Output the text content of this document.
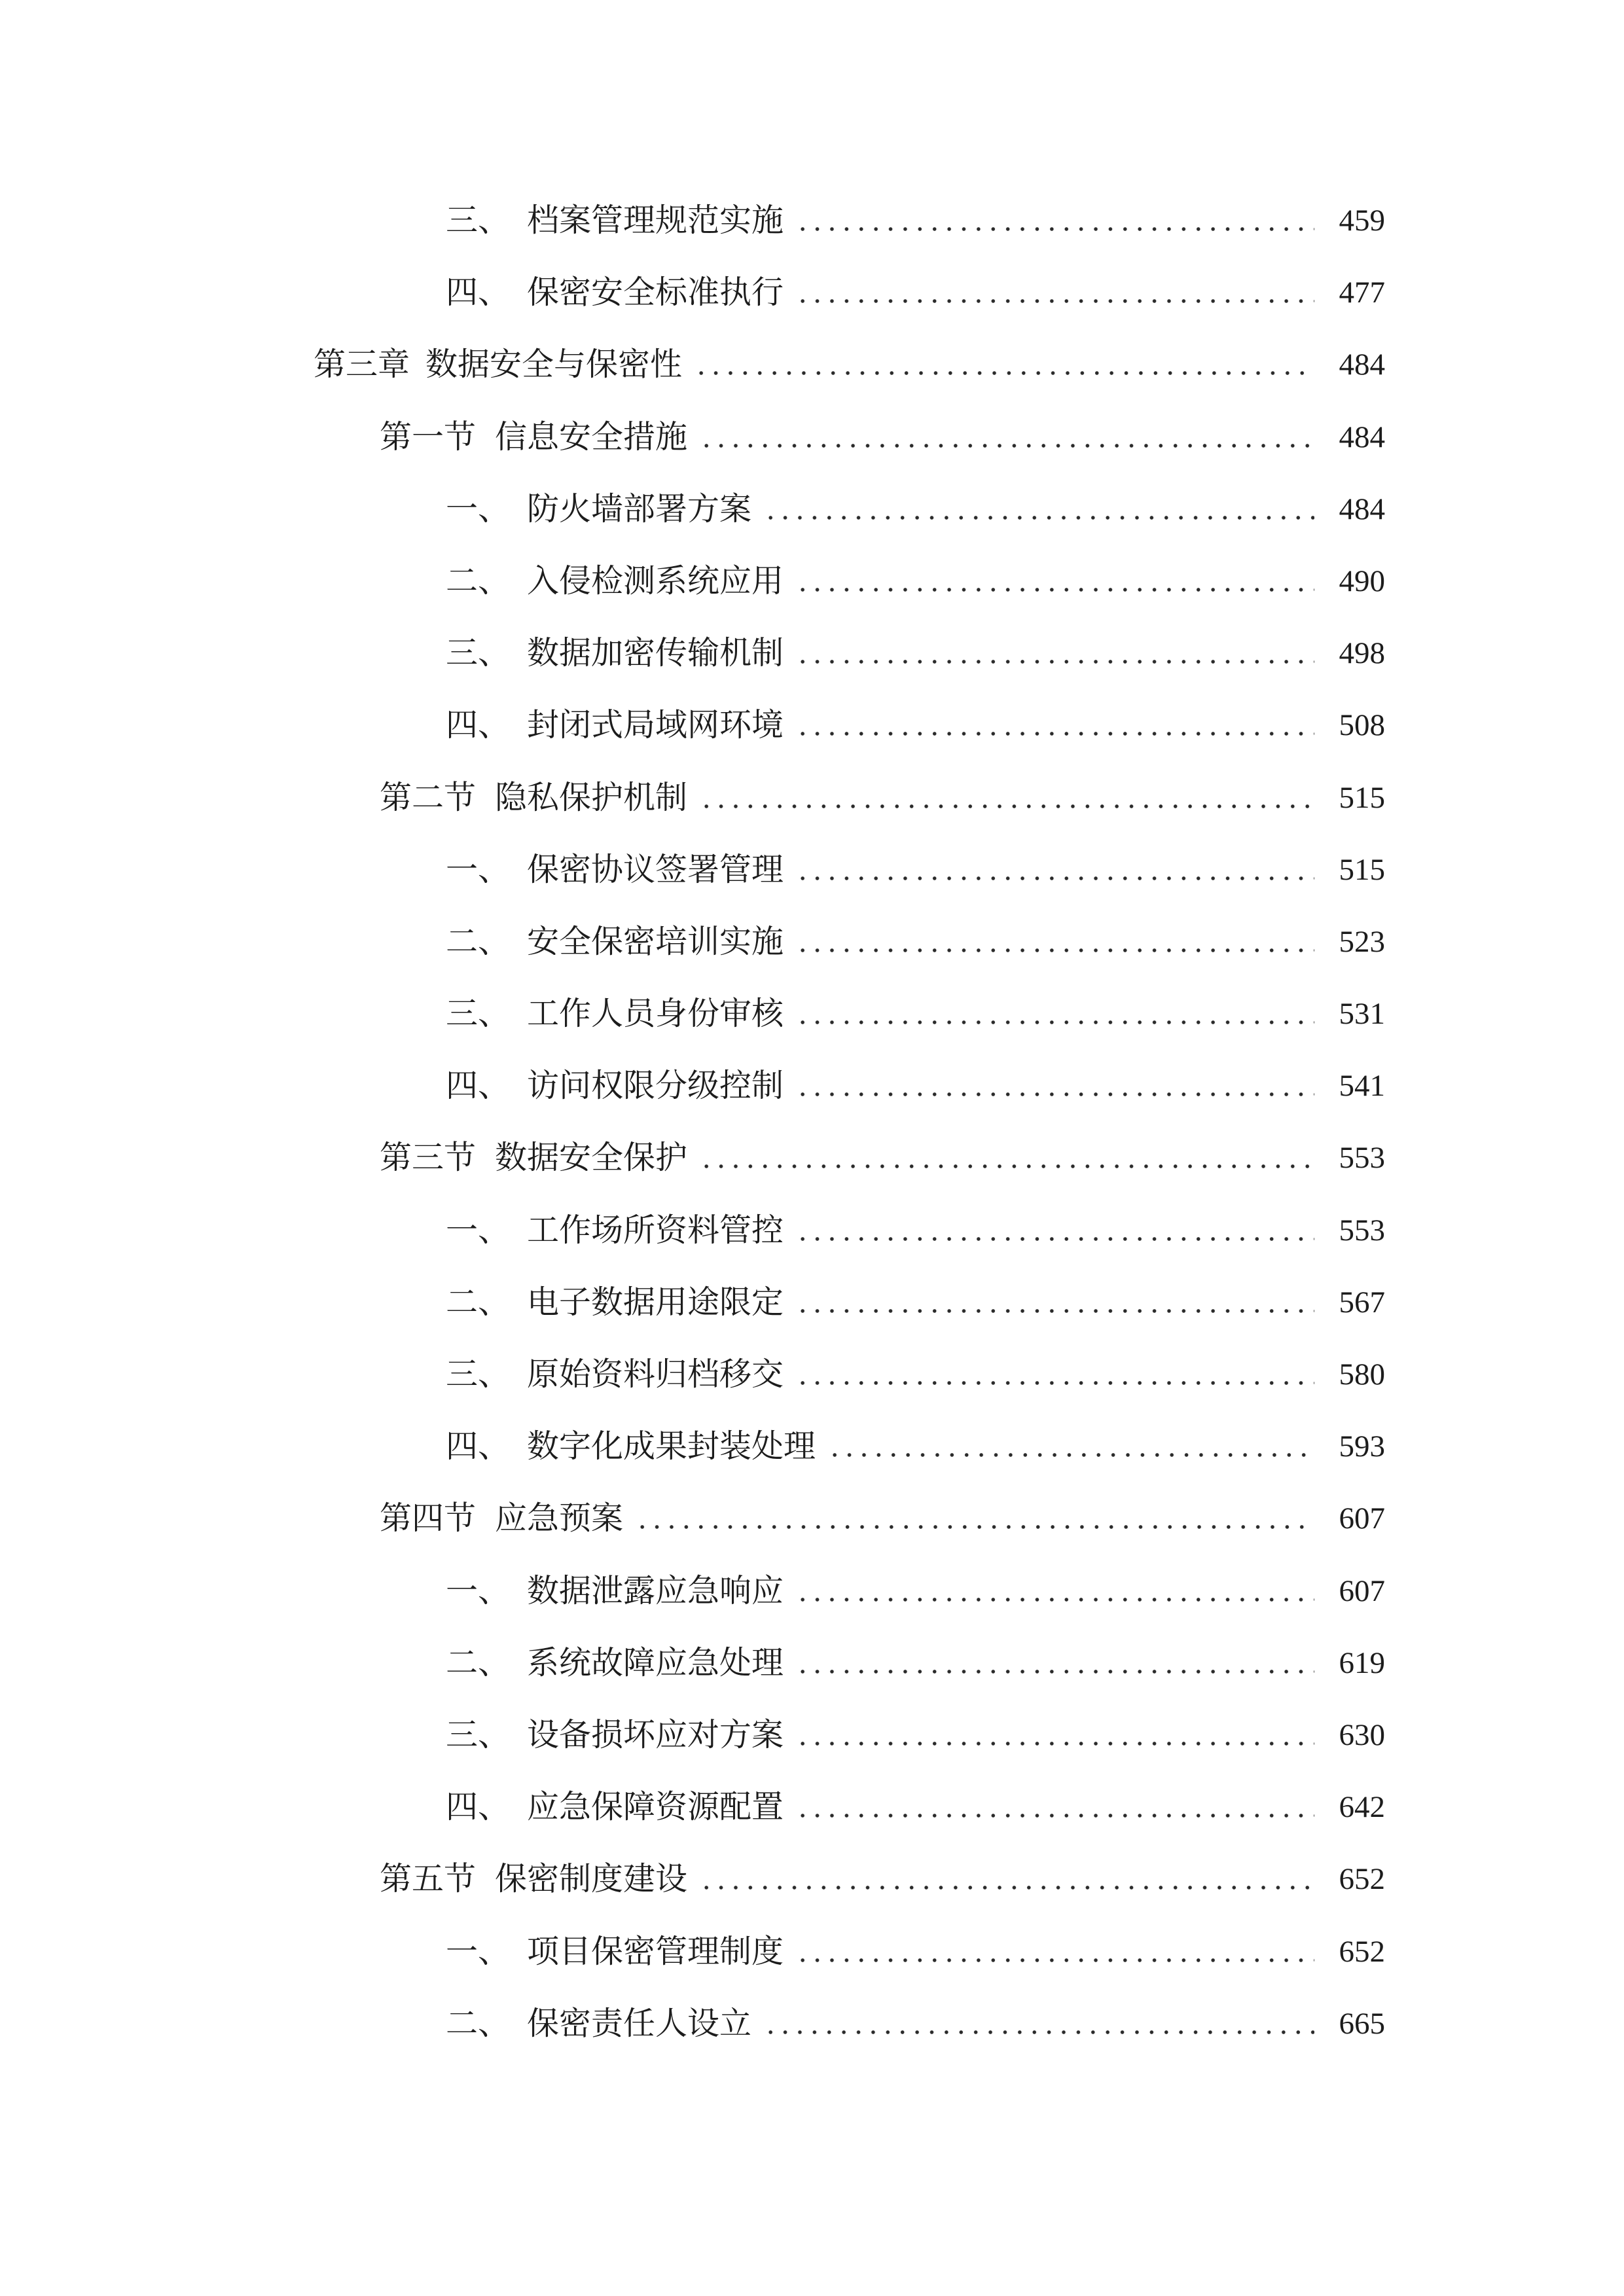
三、 档案管理规范实施	459
四、 保密安全标准执行	477
第三章 数据安全与保密性	484
第一节 信息安全措施	484
一、 防火墙部署方案	484
二、 入侵检测系统应用	490
三、 数据加密传输机制	498
四、 封闭式局域网环境	508
第二节 隐私保护机制	515
一、 保密协议签署管理	515
二、 安全保密培训实施	523
三、 工作人员身份审核	531
四、 访问权限分级控制	541
第三节 数据安全保护	553
一、 工作场所资料管控	553
二、 电子数据用途限定	567
三、 原始资料归档移交	580
四、 数字化成果封装处理	593
第四节 应急预案	607
一、 数据泄露应急响应	607
二、 系统故障应急处理	619
三、 设备损坏应对方案	630
四、 应急保障资源配置	642
第五节 保密制度建设	652
一、 项目保密管理制度	652
二、 保密责任人设立	665
